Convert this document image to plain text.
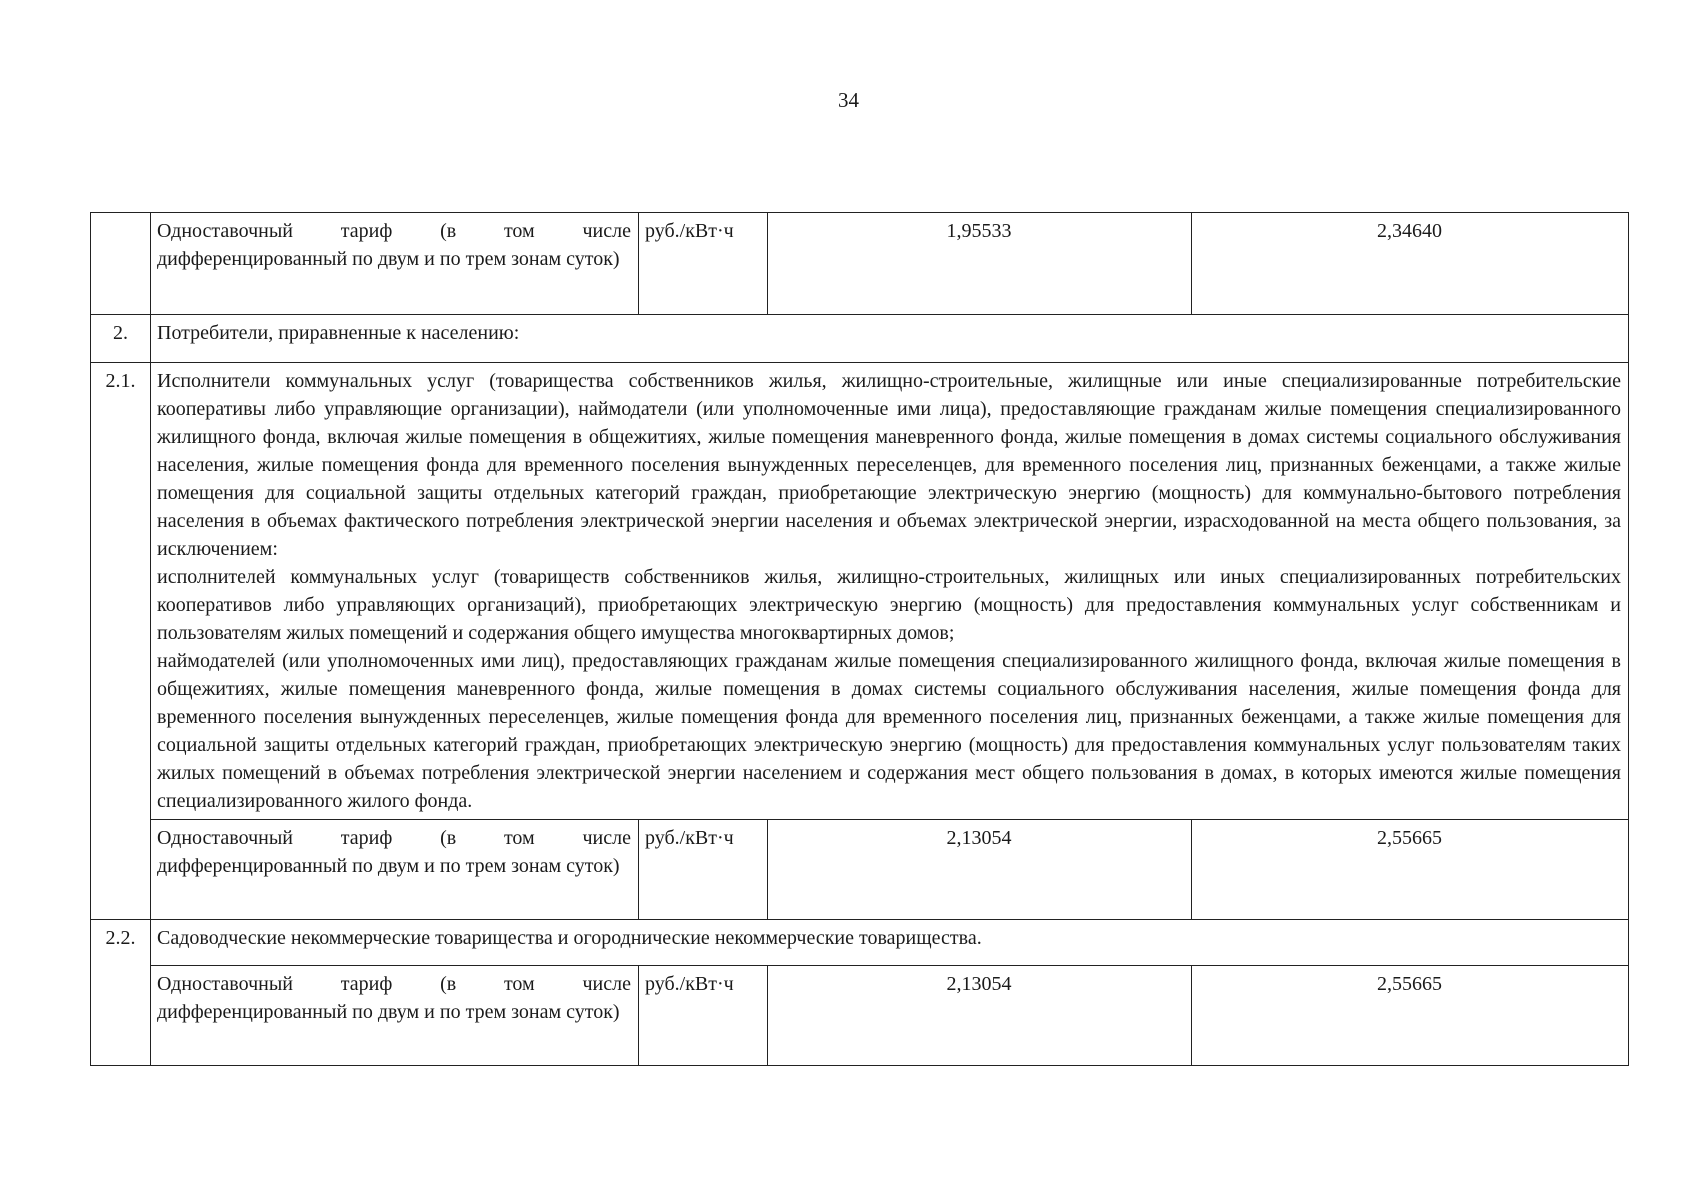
34
	Одноставочный тариф (в том числе дифференцированный по двум и по трем зонам суток)	руб./кВт·ч	1,95533	2,34640
2.	Потребители, приравненные к населению:			
2.1.	Исполнители коммунальных услуг (товарищества собственников жилья, жилищно-строительные, жилищные или иные специализированные потребительские кооперативы либо управляющие организации), наймодатели (или уполномоченные ими лица), предоставляющие гражданам жилые помещения специализированного жилищного фонда, включая жилые помещения в общежитиях, жилые помещения маневренного фонда, жилые помещения в домах системы социального обслуживания населения, жилые помещения фонда для временного поселения вынужденных переселенцев, для временного поселения лиц, признанных беженцами, а также жилые помещения для социальной защиты отдельных категорий граждан, приобретающие электрическую энергию (мощность) для коммунально-бытового потребления населения в объемах фактического потребления электрической энергии населения и объемах электрической энергии, израсходованной на места общего пользования, за исключением:
исполнителей коммунальных услуг (товариществ собственников жилья, жилищно-строительных, жилищных или иных специализированных потребительских кооперативов либо управляющих организаций), приобретающих электрическую энергию (мощность) для предоставления коммунальных услуг собственникам и пользователям жилых помещений и содержания общего имущества многоквартирных домов;
наймодателей (или уполномоченных ими лиц), предоставляющих гражданам жилые помещения специализированного жилищного фонда, включая жилые помещения в общежитиях, жилые помещения маневренного фонда, жилые помещения в домах системы социального обслуживания населения, жилые помещения фонда для временного поселения вынужденных переселенцев, жилые помещения фонда для временного поселения лиц, признанных беженцами, а также жилые помещения для социальной защиты отдельных категорий граждан, приобретающих электрическую энергию (мощность) для предоставления коммунальных услуг пользователям таких жилых помещений в объемах потребления электрической энергии населением и содержания мест общего пользования в домах, в которых имеются жилые помещения специализированного жилого фонда.			

	Одноставочный тариф (в том числе дифференцированный по двум и по трем зонам суток)	руб./кВт·ч	2,13054	2,55665
2.2.	Садоводческие некоммерческие товарищества и огороднические некоммерческие товарищества.			
	Одноставочный тариф (в том числе дифференцированный по двум и по трем зонам суток)	руб./кВт·ч	2,13054	2,55665
